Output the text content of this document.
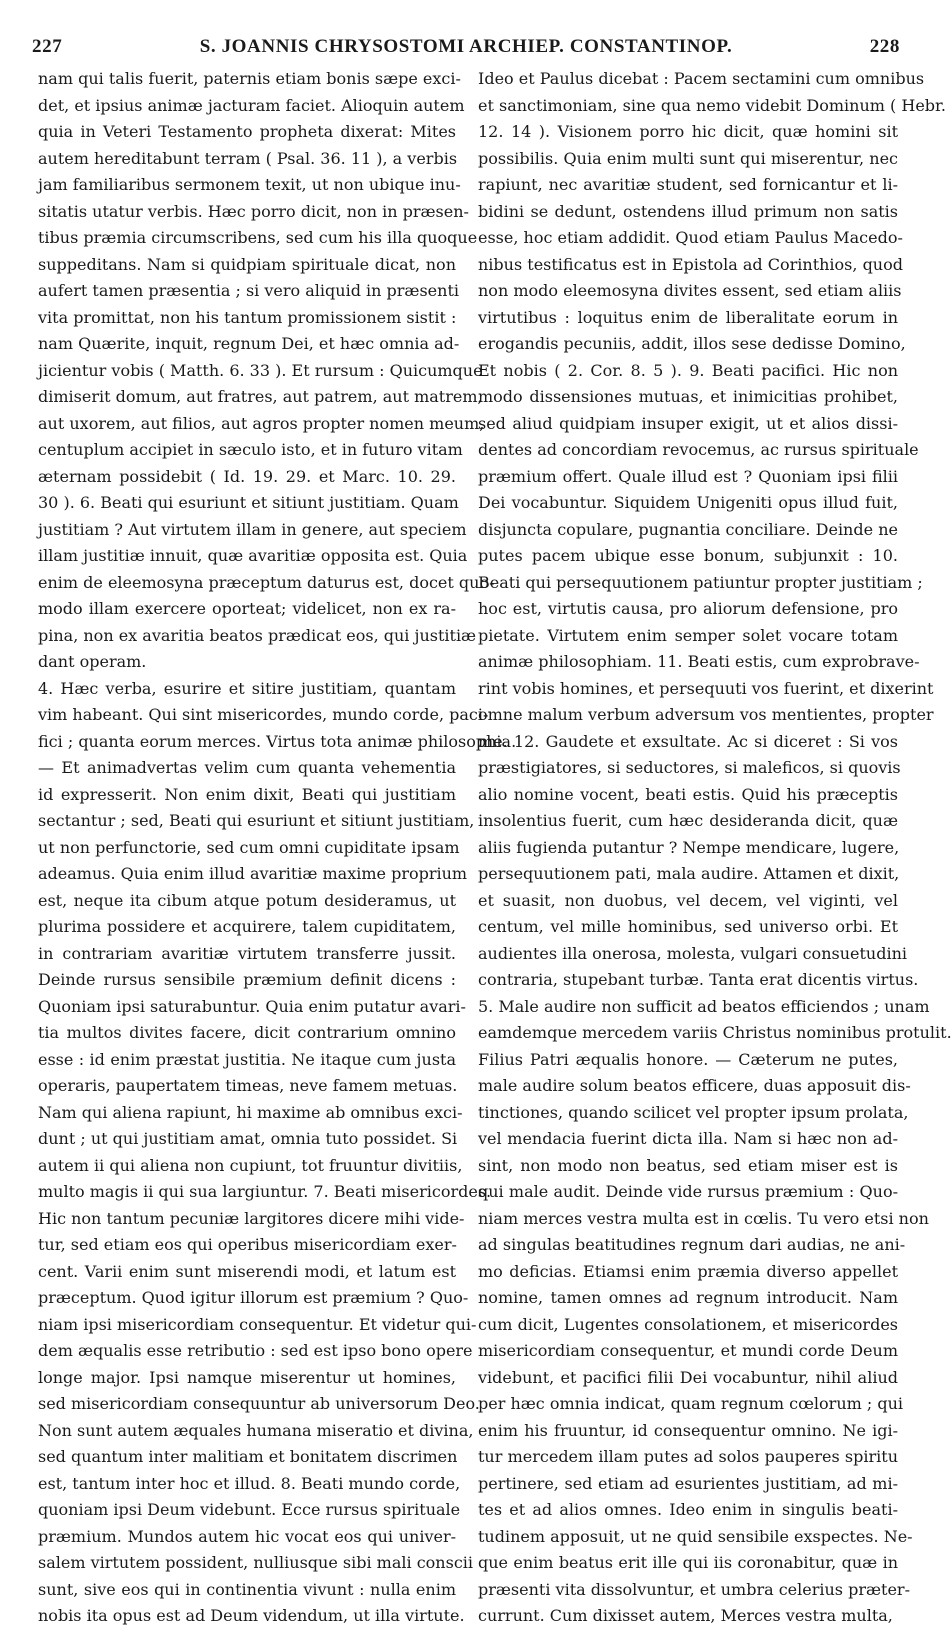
227	S. JOANNIS CHRYSOSTOMI ARCHIEP. CONSTANTINOP.	228
nam qui talis fuerit, paternis etiam bonis sæpe exci-
det, et ipsius animæ jacturam faciet. Alioquin autem
quia in Veteri Testamento propheta dixerat: Mites
autem hereditabunt terram ( Psal. 36. 11 ), a verbis
jam familiaribus sermonem texit, ut non ubique inu-
sitatis utatur verbis. Hæc porro dicit, non in præsen-
tibus præmia circumscribens, sed cum his illa quoque
suppeditans. Nam si quidpiam spirituale dicat, non
aufert tamen præsentia ; si vero aliquid in præsenti
vita promittat, non his tantum promissionem sistit :
nam Quærite, inquit, regnum Dei, et hæc omnia ad-
jicientur vobis ( Matth. 6. 33 ). Et rursum : Quicumque
dimiserit domum, aut fratres, aut patrem, aut matrem,
aut uxorem, aut filios, aut agros propter nomen meum,
centuplum accipiet in sæculo isto, et in futuro vitam
æternam possidebit ( Id. 19. 29. et Marc. 10. 29.
30 ). 6. Beati qui esuriunt et sitiunt justitiam. Quam
justitiam ? Aut virtutem illam in genere, aut speciem
illam justitiæ innuit, quæ avaritiæ opposita est. Quia
enim de eleemosyna præceptum daturus est, docet quo-
modo illam exercere oporteat; videlicet, non ex ra-
pina, non ex avaritia beatos prædicat eos, qui justitiæ
dant operam.
4. Hæc verba, esurire et sitire justitiam, quantam
vim habeant. Qui sint misericordes, mundo corde, paci-
fici ; quanta eorum merces. Virtus tota animæ philosophia.
— Et animadvertas velim cum quanta vehementia
id expresserit. Non enim dixit, Beati qui justitiam
sectantur ; sed, Beati qui esuriunt et sitiunt justitiam,
ut non perfunctorie, sed cum omni cupiditate ipsam
adeamus. Quia enim illud avaritiæ maxime proprium
est, neque ita cibum atque potum desideramus, ut
plurima possidere et acquirere, talem cupiditatem,
in contrariam avaritiæ virtutem transferre jussit.
Deinde rursus sensibile præmium definit dicens :
Quoniam ipsi saturabuntur. Quia enim putatur avari-
tia multos divites facere, dicit contrarium omnino
esse : id enim præstat justitia. Ne itaque cum justa
operaris, paupertatem timeas, neve famem metuas.
Nam qui aliena rapiunt, hi maxime ab omnibus exci-
dunt ; ut qui justitiam amat, omnia tuto possidet. Si
autem ii qui aliena non cupiunt, tot fruuntur divitiis,
multo magis ii qui sua largiuntur. 7. Beati misericordes.
Hic non tantum pecuniæ largitores dicere mihi vide-
tur, sed etiam eos qui operibus misericordiam exer-
cent. Varii enim sunt miserendi modi, et latum est
præceptum. Quod igitur illorum est præmium ? Quo-
niam ipsi misericordiam consequentur. Et videtur qui-
dem æqualis esse retributio : sed est ipso bono opere
longe major. Ipsi namque miserentur ut homines,
sed misericordiam consequuntur ab universorum Deo.
Non sunt autem æquales humana miseratio et divina,
sed quantum inter malitiam et bonitatem discrimen
est, tantum inter hoc et illud. 8. Beati mundo corde,
quoniam ipsi Deum videbunt. Ecce rursus spirituale
præmium. Mundos autem hic vocat eos qui univer-
salem virtutem possident, nulliusque sibi mali conscii
sunt, sive eos qui in continentia vivunt : nulla enim
nobis ita opus est ad Deum videndum, ut illa virtute.
Ideo et Paulus dicebat : Pacem sectamini cum omnibus
et sanctimoniam, sine qua nemo videbit Dominum ( Hebr.
12. 14 ). Visionem porro hic dicit, quæ homini sit
possibilis. Quia enim multi sunt qui miserentur, nec
rapiunt, nec avaritiæ student, sed fornicantur et li-
bidini se dedunt, ostendens illud primum non satis
esse, hoc etiam addidit. Quod etiam Paulus Macedo-
nibus testificatus est in Epistola ad Corinthios, quod
non modo eleemosyna divites essent, sed etiam aliis
virtutibus : loquitus enim de liberalitate eorum in
erogandis pecuniis, addit, illos sese dedisse Domino,
Et nobis ( 2. Cor. 8. 5 ). 9. Beati pacifici. Hic non
modo dissensiones mutuas, et inimicitias prohibet,
sed aliud quidpiam insuper exigit, ut et alios dissi-
dentes ad concordiam revocemus, ac rursus spirituale
præmium offert. Quale illud est ? Quoniam ipsi filii
Dei vocabuntur. Siquidem Unigeniti opus illud fuit,
disjuncta copulare, pugnantia conciliare. Deinde ne
putes pacem ubique esse bonum, subjunxit : 10.
Beati qui persequutionem patiuntur propter justitiam ;
hoc est, virtutis causa, pro aliorum defensione, pro
pietate. Virtutem enim semper solet vocare totam
animæ philosophiam. 11. Beati estis, cum exprobrave-
rint vobis homines, et persequuti vos fuerint, et dixerint
omne malum verbum adversum vos mentientes, propter
me. 12. Gaudete et exsultate. Ac si diceret : Si vos
præstigiatores, si seductores, si maleficos, si quovis
alio nomine vocent, beati estis. Quid his præceptis
insolentius fuerit, cum hæc desideranda dicit, quæ
aliis fugienda putantur ? Nempe mendicare, lugere,
persequutionem pati, mala audire. Attamen et dixit,
et suasit, non duobus, vel decem, vel viginti, vel
centum, vel mille hominibus, sed universo orbi. Et
audientes illa onerosa, molesta, vulgari consuetudini
contraria, stupebant turbæ. Tanta erat dicentis virtus.
5. Male audire non sufficit ad beatos efficiendos ; unam
eamdemque mercedem variis Christus nominibus protulit.
Filius Patri æqualis honore. — Cæterum ne putes,
male audire solum beatos efficere, duas apposuit dis-
tinctiones, quando scilicet vel propter ipsum prolata,
vel mendacia fuerint dicta illa. Nam si hæc non ad-
sint, non modo non beatus, sed etiam miser est is
qui male audit. Deinde vide rursus præmium : Quo-
niam merces vestra multa est in cœlis. Tu vero etsi non
ad singulas beatitudines regnum dari audias, ne ani-
mo deficias. Etiamsi enim præmia diverso appellet
nomine, tamen omnes ad regnum introducit. Nam
cum dicit, Lugentes consolationem, et misericordes
misericordiam consequentur, et mundi corde Deum
videbunt, et pacifici filii Dei vocabuntur, nihil aliud
per hæc omnia indicat, quam regnum cœlorum ; qui
enim his fruuntur, id consequentur omnino. Ne igi-
tur mercedem illam putes ad solos pauperes spiritu
pertinere, sed etiam ad esurientes justitiam, ad mi-
tes et ad alios omnes. Ideo enim in singulis beati-
tudinem apposuit, ut ne quid sensibile exspectes. Ne-
que enim beatus erit ille qui iis coronabitur, quæ in
præsenti vita dissolvuntur, et umbra celerius præter-
currunt. Cum dixisset autem, Merces vestra multa,
